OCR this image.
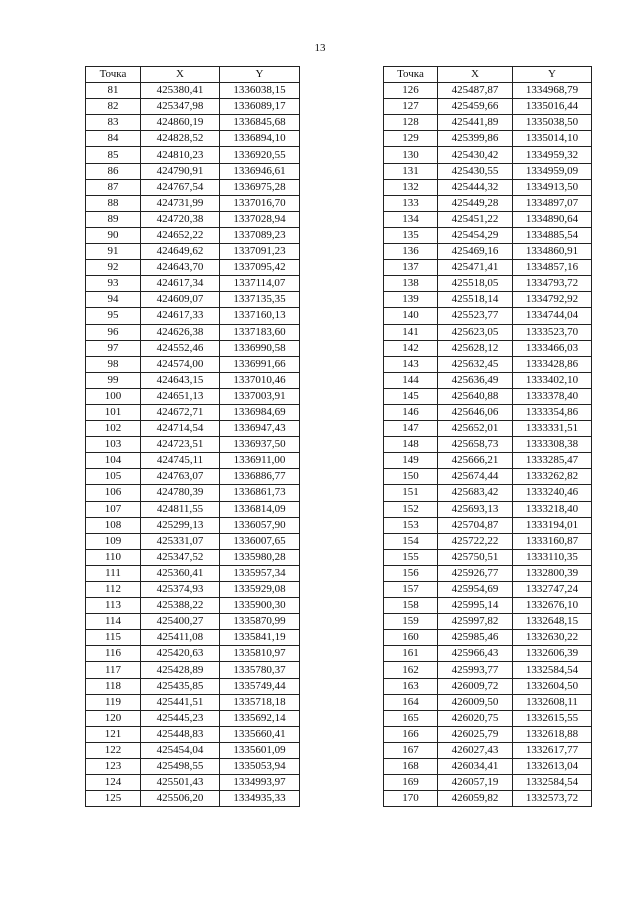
13
Точка	X	Y
81	425380,41	1336038,15
82	425347,98	1336089,17
83	424860,19	1336845,68
84	424828,52	1336894,10
85	424810,23	1336920,55
86	424790,91	1336946,61
87	424767,54	1336975,28
88	424731,99	1337016,70
89	424720,38	1337028,94
90	424652,22	1337089,23
91	424649,62	1337091,23
92	424643,70	1337095,42
93	424617,34	1337114,07
94	424609,07	1337135,35
95	424617,33	1337160,13
96	424626,38	1337183,60
97	424552,46	1336990,58
98	424574,00	1336991,66
99	424643,15	1337010,46
100	424651,13	1337003,91
101	424672,71	1336984,69
102	424714,54	1336947,43
103	424723,51	1336937,50
104	424745,11	1336911,00
105	424763,07	1336886,77
106	424780,39	1336861,73
107	424811,55	1336814,09
108	425299,13	1336057,90
109	425331,07	1336007,65
110	425347,52	1335980,28
111	425360,41	1335957,34
112	425374,93	1335929,08
113	425388,22	1335900,30
114	425400,27	1335870,99
115	425411,08	1335841,19
116	425420,63	1335810,97
117	425428,89	1335780,37
118	425435,85	1335749,44
119	425441,51	1335718,18
120	425445,23	1335692,14
121	425448,83	1335660,41
122	425454,04	1335601,09
123	425498,55	1335053,94
124	425501,43	1334993,97
125	425506,20	1334935,33
Точка	X	Y
126	425487,87	1334968,79
127	425459,66	1335016,44
128	425441,89	1335038,50
129	425399,86	1335014,10
130	425430,42	1334959,32
131	425430,55	1334959,09
132	425444,32	1334913,50
133	425449,28	1334897,07
134	425451,22	1334890,64
135	425454,29	1334885,54
136	425469,16	1334860,91
137	425471,41	1334857,16
138	425518,05	1334793,72
139	425518,14	1334792,92
140	425523,77	1334744,04
141	425623,05	1333523,70
142	425628,12	1333466,03
143	425632,45	1333428,86
144	425636,49	1333402,10
145	425640,88	1333378,40
146	425646,06	1333354,86
147	425652,01	1333331,51
148	425658,73	1333308,38
149	425666,21	1333285,47
150	425674,44	1333262,82
151	425683,42	1333240,46
152	425693,13	1333218,40
153	425704,87	1333194,01
154	425722,22	1333160,87
155	425750,51	1333110,35
156	425926,77	1332800,39
157	425954,69	1332747,24
158	425995,14	1332676,10
159	425997,82	1332648,15
160	425985,46	1332630,22
161	425966,43	1332606,39
162	425993,77	1332584,54
163	426009,72	1332604,50
164	426009,50	1332608,11
165	426020,75	1332615,55
166	426025,79	1332618,88
167	426027,43	1332617,77
168	426034,41	1332613,04
169	426057,19	1332584,54
170	426059,82	1332573,72
